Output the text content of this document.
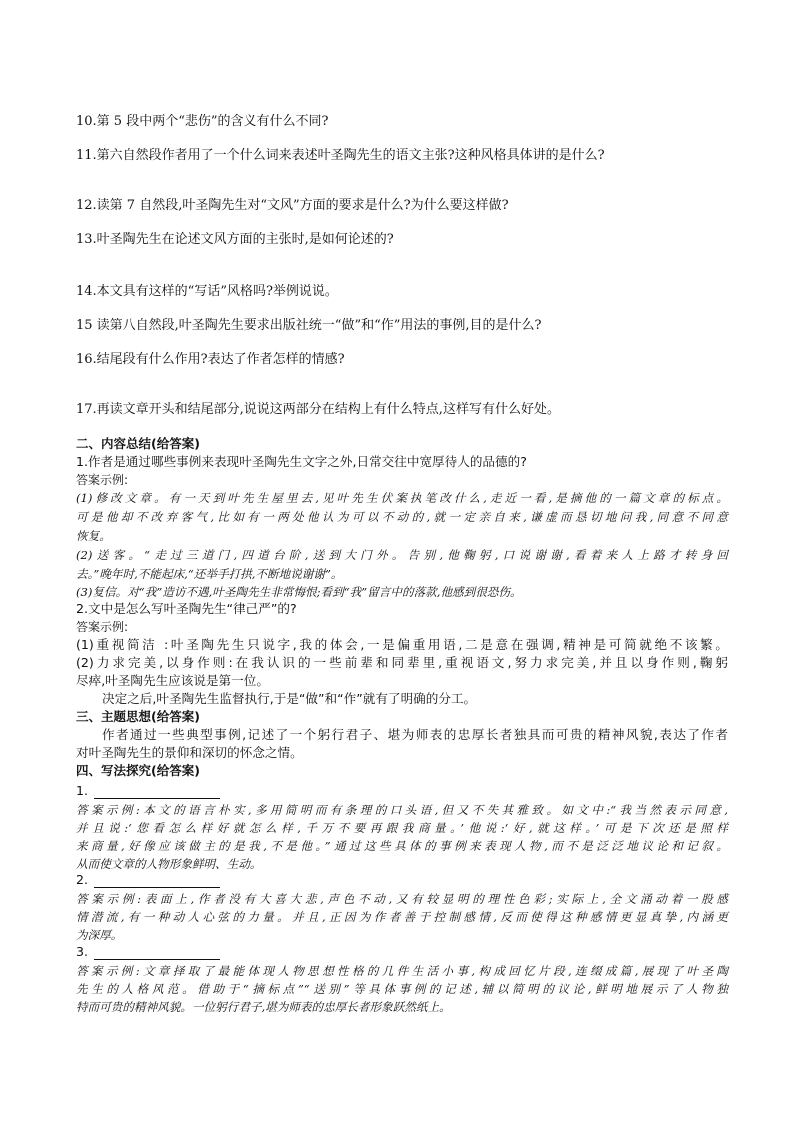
10.第 5 段中两个“悲伤”的含义有什么不同?
11.第六自然段作者用了一个什么词来表述叶圣陶先生的语文主张?这种风格具体讲的是什么?
12.读第 7 自然段,叶圣陶先生对“文风”方面的要求是什么?为什么要这样做?
13.叶圣陶先生在论述文风方面的主张时,是如何论述的?
14.本文具有这样的“写话”风格吗?举例说说。
15 读第八自然段,叶圣陶先生要求出版社统一“做”和“作”用法的事例,目的是什么?
16.结尾段有什么作用?表达了作者怎样的情感?
17.再读文章开头和结尾部分,说说这两部分在结构上有什么特点,这样写有什么好处。
二、内容总结(给答案)
1.作者是通过哪些事例来表现叶圣陶先生文字之外,日常交往中宽厚待人的品德的?
答案示例:
(1)修改文章。有一天到叶先生屋里去,见叶先生伏案执笔改什么,走近一看,是摘他的一篇文章的标点。
可是他却不改弃客气,比如有一两处他认为可以不动的,就一定亲自来,谦虚而恳切地问我,同意不同意
恢复。
(2)送客。“走过三道门,四道台阶,送到大门外。告别,他鞠躬,口说谢谢,看着来人上路才转身回
去。”晚年时,不能起床,“还举手打拱,不断地说谢谢”。
(3)复信。对“我”造访不遇,叶圣陶先生非常悔恨;看到“我”留言中的落款,他感到很恐伤。
2.文中是怎么写叶圣陶先生“律己严”的?
答案示例:
(1)重视简洁 :叶圣陶先生只说字,我的体会,一是偏重用语,二是意在强调,精神是可简就绝不该繁。
(2)力求完美,以身作则:在我认识的一些前辈和同辈里,重视语文,努力求完美,并且以身作则,鞠躬
尽瘁,叶圣陶先生应该说是第一位。
决定之后,叶圣陶先生监督执行,于是“做”和“作”就有了明确的分工。
三、主题思想(给答案)
作者通过一些典型事例,记述了一个躬行君子、堪为师表的忠厚长者独具而可贵的精神风貌,表达了作者
对叶圣陶先生的景仰和深切的怀念之情。
四、写法探究(给答案)
1.
答案示例:本文的语言朴实,多用简明而有条理的口头语,但又不失其雅致。如文中:“我当然表示同意,
并且说:‘您看怎么样好就怎么样,千万不要再跟我商量。’他说:‘好,就这样。’可是下次还是照样
来商量,好像应该做主的是我,不是他。”通过这些具体的事例来表现人物,而不是泛泛地议论和记叙。
从而使文章的人物形象鲜明、生动。
2.
答案示例:表面上,作者没有大喜大悲,声色不动,又有较显明的理性色彩;实际上,全文涌动着一股感
情潜流,有一种动人心弦的力量。并且,正因为作者善于控制感情,反而使得这种感情更显真挚,内涵更
为深厚。
3.
答案示例:文章择取了最能体现人物思想性格的几件生活小事,构成回忆片段,连缀成篇,展现了叶圣陶
先生的人格风范。借助于“摘标点”“送别”等具体事例的记述,辅以简明的议论,鲜明地展示了人物独
特而可贵的精神风貌。一位躬行君子,堪为师表的忠厚长者形象跃然纸上。
